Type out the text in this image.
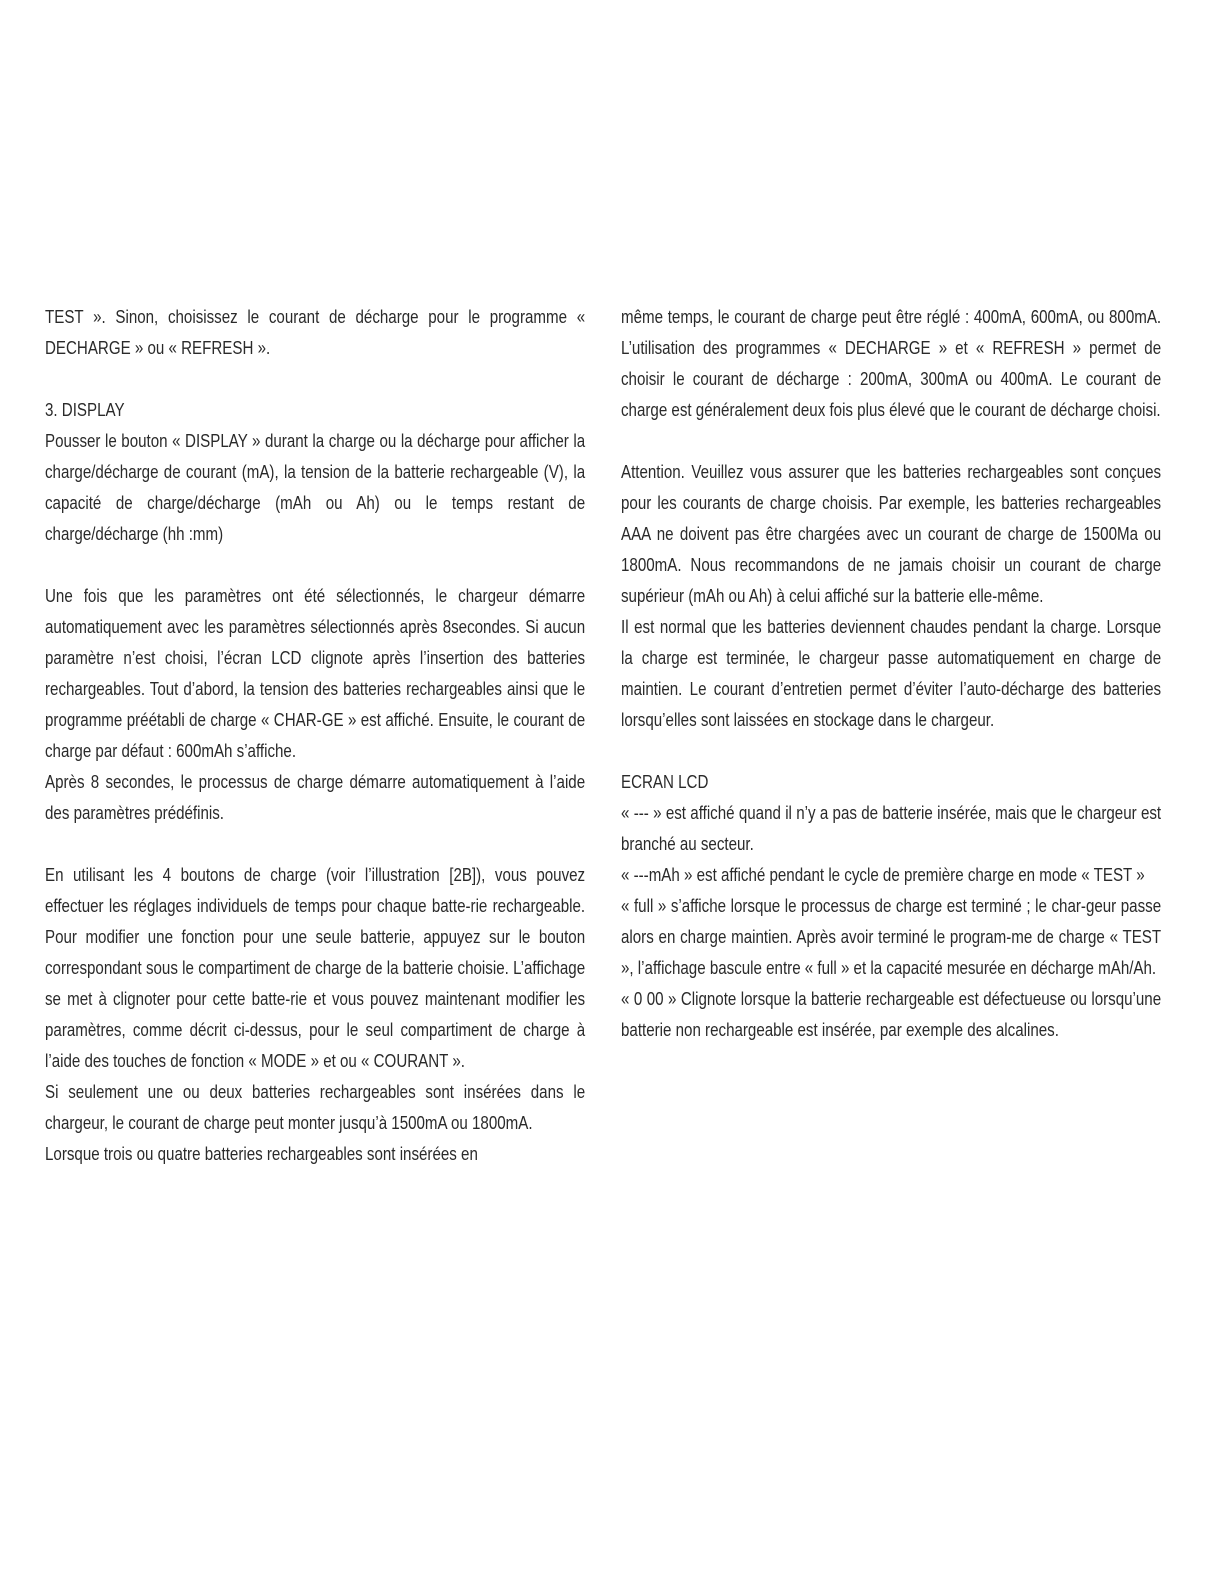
TEST ». Sinon, choisissez le courant de décharge pour le programme « DECHARGE » ou « REFRESH ».

3. DISPLAY

Pousser le bouton « DISPLAY » durant la charge ou la décharge pour afficher la charge/décharge de courant (mA), la tension de la batterie rechargeable (V), la capacité de charge/décharge (mAh ou Ah) ou le temps restant de charge/décharge (hh :mm)

Une fois que les paramètres ont été sélectionnés, le chargeur démarre automatiquement avec les paramètres sélectionnés après 8secondes. Si aucun paramètre n’est choisi, l’écran LCD clignote après l’insertion des batteries rechargeables. Tout d’abord, la tension des batteries rechargeables ainsi que le programme préétabli de charge « CHAR-GE » est affiché. Ensuite, le courant de charge par défaut : 600mAh s’affiche.

Après 8 secondes, le processus de charge démarre automatiquement à l’aide des paramètres prédéfinis.

En utilisant les 4 boutons de charge (voir l’illustration [2B]), vous pouvez effectuer les réglages individuels de temps pour chaque batte-rie rechargeable. Pour modifier une fonction pour une seule batterie, appuyez sur le bouton correspondant sous le compartiment de charge de la batterie choisie. L’affichage se met à clignoter pour cette batte-rie et vous pouvez maintenant modifier les paramètres, comme décrit ci-dessus, pour le seul compartiment de charge à l’aide des touches de fonction « MODE » et ou « COURANT ».

Si seulement une ou deux batteries rechargeables sont insérées dans le chargeur, le courant de charge peut monter jusqu’à 1500mA ou 1800mA.

Lorsque trois ou quatre batteries rechargeables sont insérées en

même temps, le courant de charge peut être réglé : 400mA, 600mA, ou 800mA. L’utilisation des programmes « DECHARGE » et « REFRESH » permet de choisir le courant de décharge : 200mA, 300mA ou 400mA. Le courant de charge est généralement deux fois plus élevé que le courant de décharge choisi.

Attention. Veuillez vous assurer que les batteries rechargeables sont conçues pour les courants de charge choisis. Par exemple, les batteries rechargeables AAA ne doivent pas être chargées avec un courant de charge de 1500Ma ou 1800mA. Nous recommandons de ne jamais choisir un courant de charge supérieur (mAh ou Ah) à celui affiché sur la batterie elle-même.

Il est normal que les batteries deviennent chaudes pendant la charge. Lorsque la charge est terminée, le chargeur passe automatiquement en charge de maintien. Le courant d’entretien permet d’éviter l’auto-décharge des batteries lorsqu’elles sont laissées en stockage dans le chargeur.

ECRAN LCD

« --- » est affiché quand il n’y a pas de batterie insérée, mais que le chargeur est branché au secteur.

« ---mAh » est affiché pendant le cycle de première charge en mode « TEST »

« full » s’affiche lorsque le processus de charge est terminé ; le char-geur passe alors en charge maintien. Après avoir terminé le program-me de charge « TEST », l’affichage bascule entre « full » et la capacité mesurée en décharge mAh/Ah.

« 0 00 » Clignote lorsque la batterie rechargeable est défectueuse ou lorsqu’une batterie non rechargeable est insérée, par exemple des alcalines.
